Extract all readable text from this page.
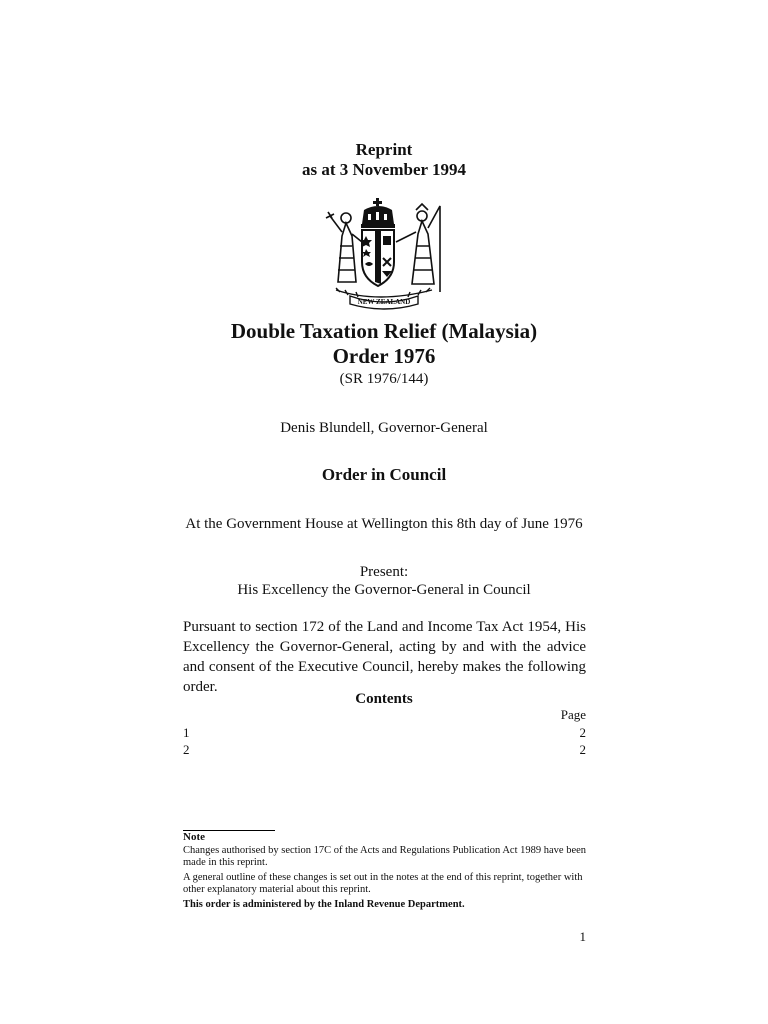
Reprint
as at 3 November 1994
NEW ZEALAND
Double Taxation Relief (Malaysia)
Order 1976
(SR 1976/144)
Denis Blundell, Governor-General
Order in Council
At the Government House at Wellington this 8th day of June 1976
Present:
His Excellency the Governor-General in Council
Pursuant to section 172 of the Land and Income Tax Act 1954, His Excellency the Governor-General, acting by and with the advice and consent of the Executive Council, hereby makes the following order.
Contents
Page
1	2
2	2
Note
Changes authorised by section 17C of the Acts and Regulations Publication Act 1989 have been made in this reprint.
A general outline of these changes is set out in the notes at the end of this reprint, together with other explanatory material about this reprint.
This order is administered by the Inland Revenue Department.
1
